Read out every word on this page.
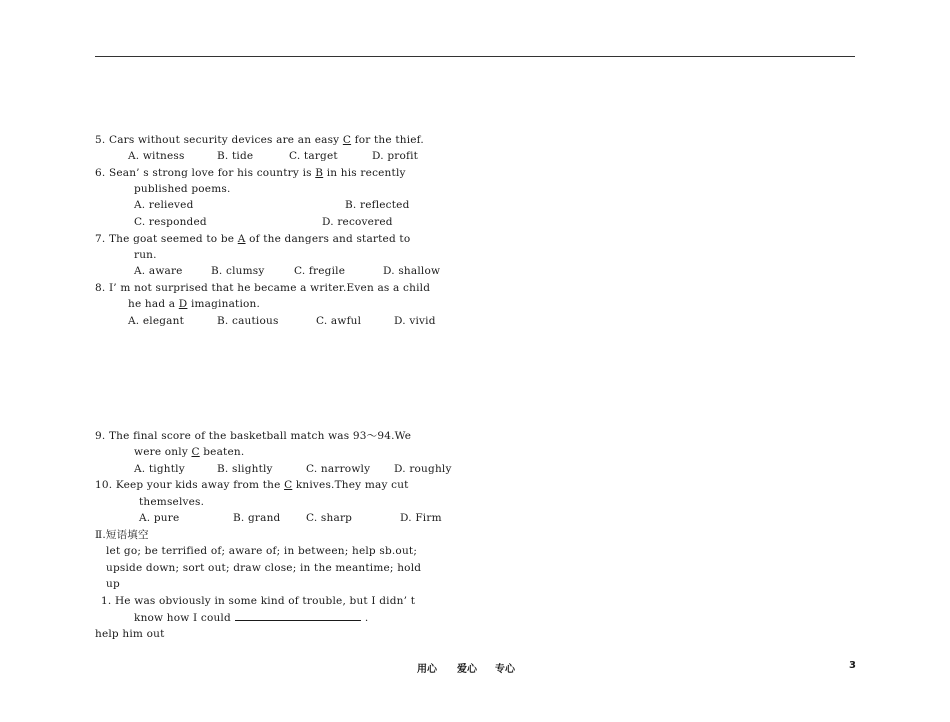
5. Cars without security devices are an easy C for the thief.
A. witness	B. tide	C. target	D. profit
6. Sean’ s strong love for his country is B in his recently
published poems.
A. relieved	B. reflected
C. responded	D. recovered
7. The goat seemed to be A of the dangers and started to
run.
A. aware	B. clumsy	C. fregile	D. shallow
8. I’ m not surprised that he became a writer.Even as a child
he had a D imagination.
A. elegant	B. cautious	C. awful	D. vivid
9. The final score of the basketball match was 93～94.We
were only C beaten.
A. tightly	B. slightly	C. narrowly D. roughly
10. Keep your kids away from the C knives.They may cut
themselves.
A. pure	B. grand C. sharp	D. Firm
Ⅱ.短语填空
let go; be terrified of; aware of; in between; help sb.out;
upside down; sort out; draw close; in the meantime; hold
up
1. He was obviously in some kind of trouble, but I didn’ t
know how I could	.
help him out
用心 爱心 专心	3
